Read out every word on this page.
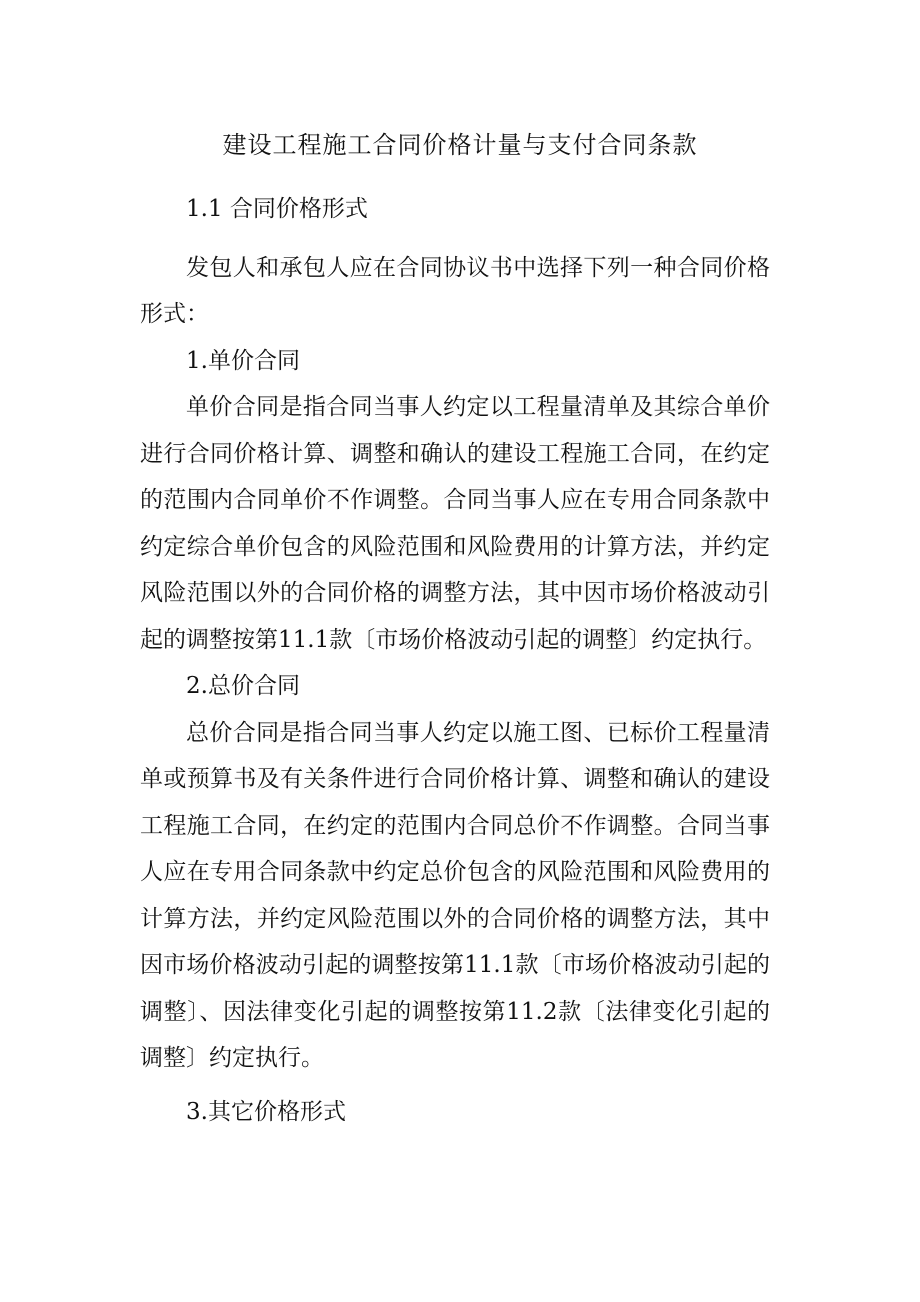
建设工程施工合同价格计量与支付合同条款

1.1 合同价格形式

发包人和承包人应在合同协议书中选择下列一种合同价格形式：

1.单价合同

单价合同是指合同当事人约定以工程量清单及其综合单价进行合同价格计算、调整和确认的建设工程施工合同，在约定的范围内合同单价不作调整。合同当事人应在专用合同条款中约定综合单价包含的风险范围和风险费用的计算方法，并约定风险范围以外的合同价格的调整方法，其中因市场价格波动引起的调整按第11.1款〔市场价格波动引起的调整〕约定执行。

2.总价合同

总价合同是指合同当事人约定以施工图、已标价工程量清单或预算书及有关条件进行合同价格计算、调整和确认的建设工程施工合同，在约定的范围内合同总价不作调整。合同当事人应在专用合同条款中约定总价包含的风险范围和风险费用的计算方法，并约定风险范围以外的合同价格的调整方法，其中因市场价格波动引起的调整按第11.1款〔市场价格波动引起的调整〕、因法律变化引起的调整按第11.2款〔法律变化引起的调整〕约定执行。

3.其它价格形式
